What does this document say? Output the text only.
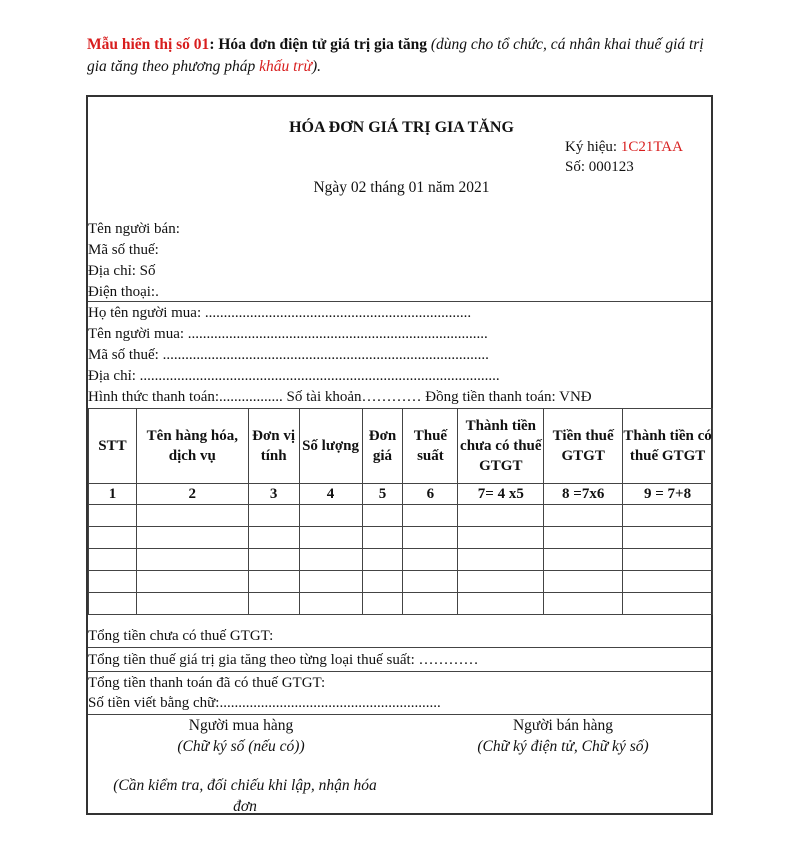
Mẫu hiển thị số 01: Hóa đơn điện tử giá trị gia tăng (dùng cho tổ chức, cá nhân khai thuế giá trị gia tăng theo phương pháp khấu trừ).
HÓA ĐƠN GIÁ TRỊ GIA TĂNG
Ký hiệu: 1C21TAA
Số: 000123
Ngày 02 tháng 01 năm 2021
Tên người bán:
Mã số thuế:
Địa chỉ: Số
Điện thoại:.
Họ tên người mua: .......................................................................
Tên người mua: ................................................................................
Mã số thuế: .......................................................................................
Địa chỉ: ................................................................................................
Hình thức thanh toán:................. Số tài khoản………… Đồng tiền thanh toán: VNĐ
STT	Tên hàng hóa, dịch vụ	Đơn vị tính	Số lượng	Đơn giá	Thuế suất	Thành tiền chưa có thuế GTGT	Tiền thuế GTGT	Thành tiền có thuế GTGT
1	2	3	4	5	6	7= 4 x5	8 =7x6	9 = 7+8

Tổng tiền chưa có thuế GTGT:
Tổng tiền thuế giá trị gia tăng theo từng loại thuế suất: …………
Tổng tiền thanh toán đã có thuế GTGT:
Số tiền viết bằng chữ:...........................................................
Người mua hàng
(Chữ ký số (nếu có))
Người bán hàng
(Chữ ký điện tử, Chữ ký số)
(Cần kiểm tra, đối chiếu khi lập, nhận hóa
đơn
